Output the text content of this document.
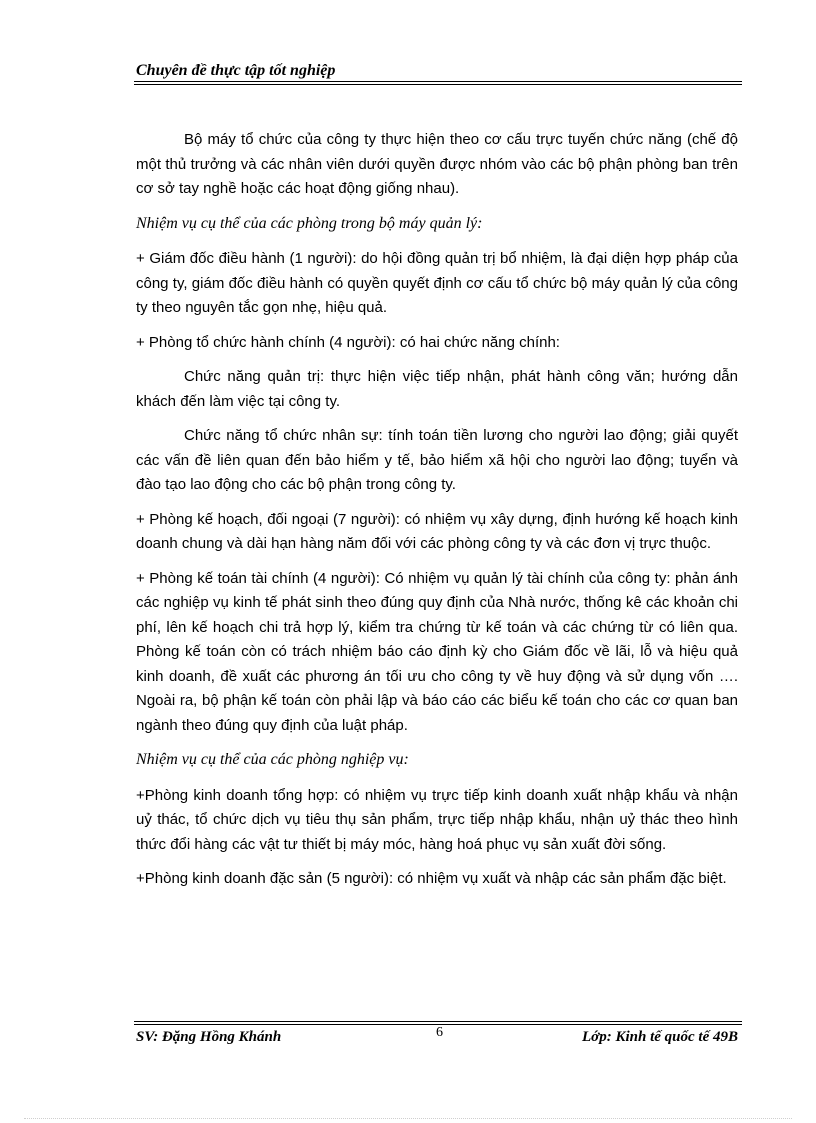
Chuyên đề thực tập tốt nghiệp

Bộ máy tổ chức của công ty thực hiện theo cơ cấu trực tuyến chức năng (chế độ một thủ trưởng và các nhân viên dưới quyền được nhóm vào các bộ phận phòng ban trên cơ sở tay nghề hoặc các hoạt động giống nhau).

Nhiệm vụ cụ thể của các phòng trong bộ máy quản lý:

+ Giám đốc điều hành (1 người): do hội đồng quản trị bổ nhiệm, là đại diện hợp pháp của công ty, giám đốc điều hành có quyền quyết định cơ cấu tổ chức bộ máy quản lý của công ty theo nguyên tắc gọn nhẹ, hiệu quả.

+ Phòng tổ chức hành chính (4 người): có hai chức năng chính:

Chức năng quản trị: thực hiện việc tiếp nhận, phát hành công văn; hướng dẫn khách đến làm việc tại công ty.

Chức năng tổ chức nhân sự: tính toán tiền lương cho người lao động; giải quyết các vấn đề liên quan đến bảo hiểm y tế, bảo hiểm xã hội cho người lao động; tuyển và đào tạo lao động cho các bộ phận trong công ty.

+ Phòng kế hoạch, đối ngoại (7 người): có nhiệm vụ xây dựng, định hướng kế hoạch kinh doanh chung và dài hạn hàng năm đối với các phòng công ty và các đơn vị trực thuộc.

+ Phòng kế toán tài chính (4 người): Có nhiệm vụ quản lý tài chính của công ty: phản ánh các nghiệp vụ kinh tế phát sinh theo đúng quy định của Nhà nước, thống kê các khoản chi phí, lên kế hoạch chi trả hợp lý, kiểm tra chứng từ kế toán và các chứng từ có liên qua. Phòng kế toán còn có trách nhiệm báo cáo định kỳ cho Giám đốc về lãi, lỗ và hiệu quả kinh doanh, đề xuất các phương án tối ưu cho công ty về huy động và sử dụng vốn …. Ngoài ra, bộ phận kế toán còn phải lập và báo cáo các biểu kế toán cho các cơ quan ban ngành theo đúng quy định của luật pháp.

Nhiệm vụ cụ thể của các phòng nghiệp vụ:

+Phòng kinh doanh tổng hợp: có nhiệm vụ trực tiếp kinh doanh xuất nhập khẩu và nhận uỷ thác, tổ chức dịch vụ tiêu thụ sản phẩm, trực tiếp nhập khẩu, nhận uỷ thác theo hình thức đổi hàng các vật tư thiết bị máy móc, hàng hoá phục vụ sản xuất đời sống.

+Phòng kinh doanh đặc sản (5 người): có nhiệm vụ xuất và nhập các sản phẩm đặc biệt.

SV: Đặng Hồng Khánh	6	Lớp: Kinh tế quốc tế 49B
